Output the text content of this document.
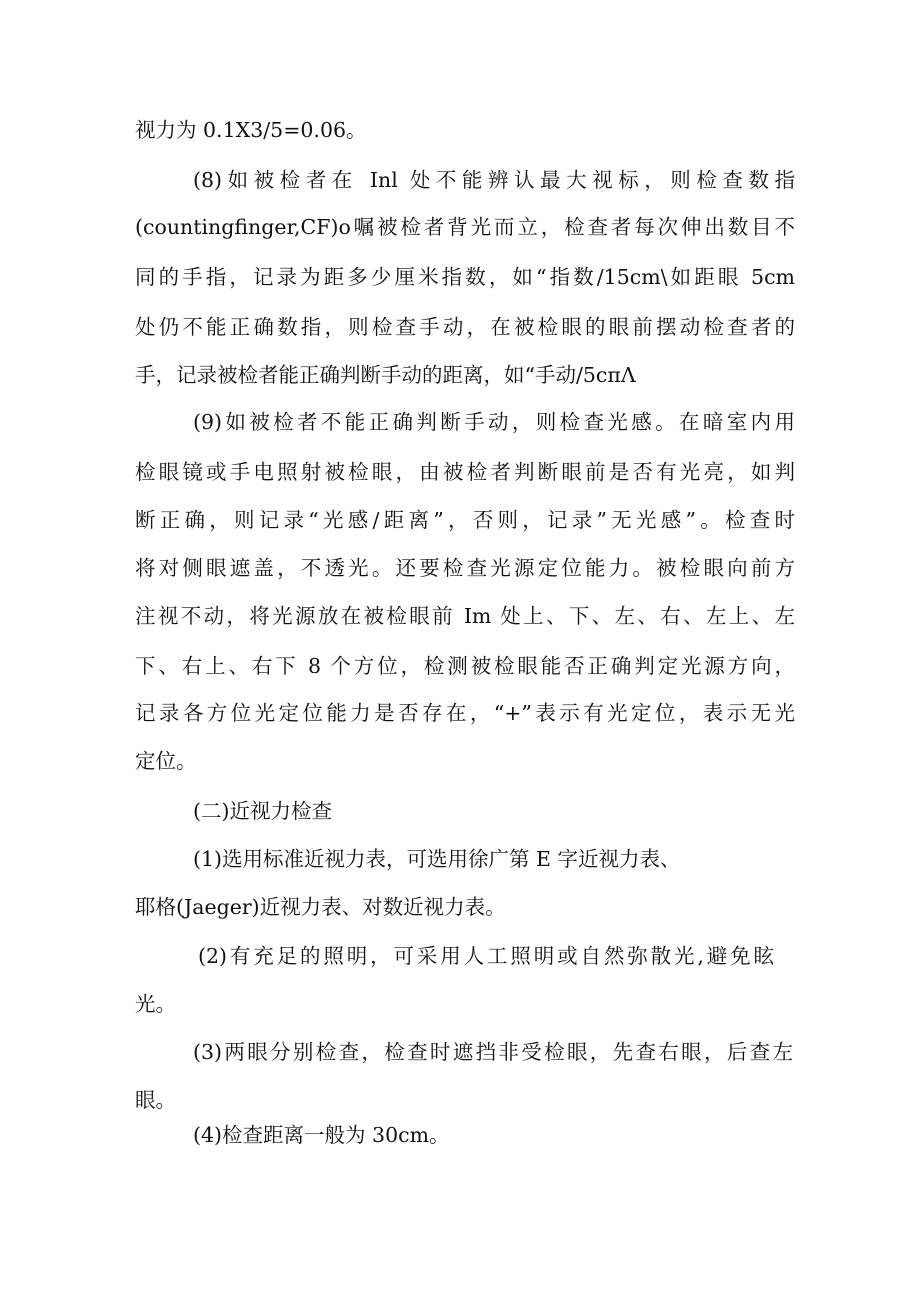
视力为 0.1X3/5=0.06。
(8)如被检者在 Inl 处不能辨认最大视标，则检查数指
(countingfinger,CF)o嘱被检者背光而立，检查者每次伸出数目不
同的手指，记录为距多少厘米指数，如“指数/15cm\如距眼 5cm
处仍不能正确数指，则检查手动，在被检眼的眼前摆动检查者的
手，记录被检者能正确判断手动的距离，如“手动/5cπΛ
(9)如被检者不能正确判断手动，则检查光感。在暗室内用
检眼镜或手电照射被检眼，由被检者判断眼前是否有光亮，如判
断正确，则记录“光感/距离”，否则，记录”无光感”。检查时
将对侧眼遮盖，不透光。还要检查光源定位能力。被检眼向前方
注视不动，将光源放在被检眼前 Im 处上、下、左、右、左上、左
下、右上、右下 8 个方位，检测被检眼能否正确判定光源方向，
记录各方位光定位能力是否存在，“+”表示有光定位，表示无光
定位。
(二)近视力检查
(1)选用标准近视力表，可选用徐广第 E 字近视力表、
耶格(Jaeger)近视力表、对数近视力表。
(2)有充足的照明，可采用人工照明或自然弥散光,避免眩
光。
(3)两眼分别检查，检查时遮挡非受检眼，先查右眼，后查左
眼。
(4)检查距离一般为 30cm。
